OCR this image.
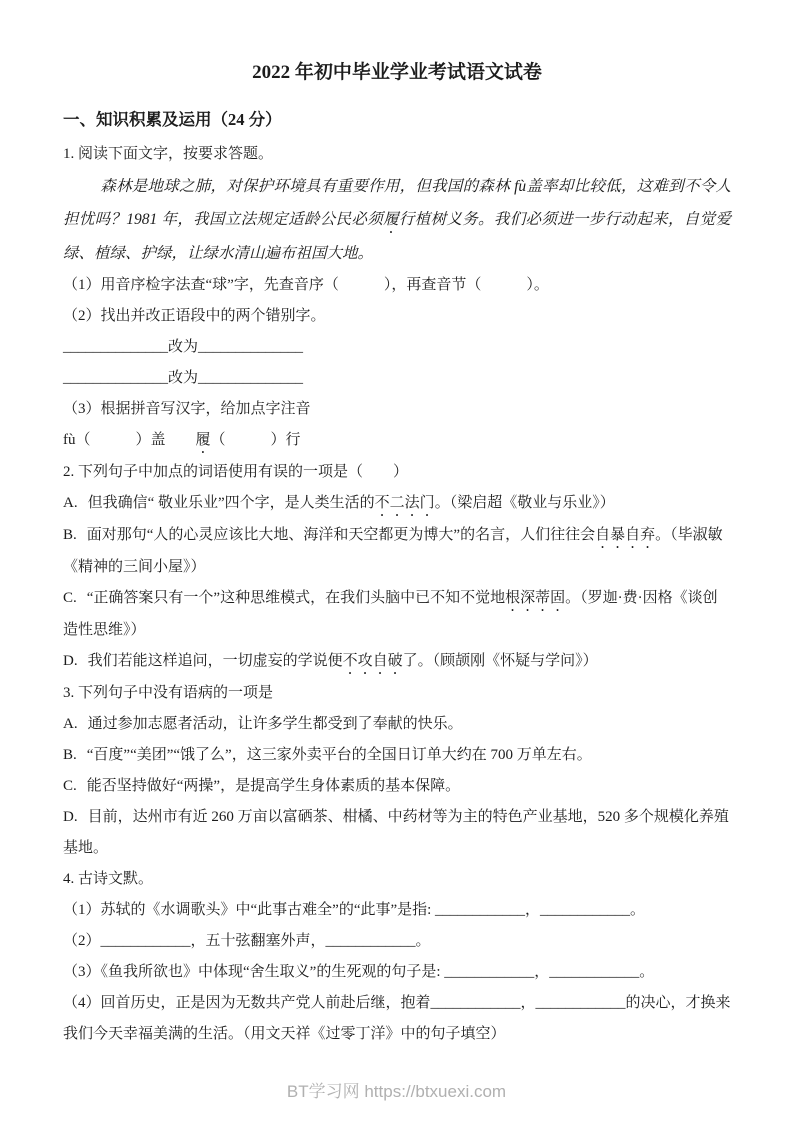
2022 年初中毕业学业考试语文试卷
一、知识积累及运用（24 分）
1. 阅读下面文字，按要求答题。

森林是地球之肺，对保护环境具有重要作用，但我国的森林 fù盖率却比较低，这难到不令人担忧吗？1981 年，我国立法规定适龄公民必须履行植树义务。我们必须进一步行动起来，自觉爱绿、植绿、护绿，让绿水清山遍布祖国大地。

（1）用音序检字法查“球”字，先查音序（　　　），再查音节（　　　）。
（2）找出并改正语段中的两个错别字。
______________改为______________
______________改为______________
（3）根据拼音写汉字，给加点字注音
fù（　　　）盖　　履（　　　）行
2. 下列句子中加点的词语使用有误的一项是（　　）
A. 但我确信“ 敬业乐业”四个字，是人类生活的不二法门。（梁启超《敬业与乐业》）
B. 面对那句“人的心灵应该比大地、海洋和天空都更为博大”的名言，人们往往会自暴自弃。（毕淑敏《精神的三间小屋》）
C. “正确答案只有一个”这种思维模式，在我们头脑中已不知不觉地根深蒂固。（罗迦·费·因格《谈创造性思维》）
D. 我们若能这样追问，一切虚妄的学说便不攻自破了。（顾颉刚《怀疑与学问》）
3. 下列句子中没有语病的一项是
A. 通过参加志愿者活动，让许多学生都受到了奉献的快乐。
B. “百度”“美团”“饿了么”，这三家外卖平台的全国日订单大约在 700 万单左右。
C. 能否坚持做好“两操”，是提高学生身体素质的基本保障。
D. 目前，达州市有近 260 万亩以富硒茶、柑橘、中药材等为主的特色产业基地，520 多个规模化养殖基地。
4. 古诗文默。
（1）苏轼的《水调歌头》中“此事古难全”的“此事”是指: ____________，____________。
（2）____________，五十弦翻塞外声，____________。
（3）《鱼我所欲也》中体现“舍生取义”的生死观的句子是: ____________，____________。
（4）回首历史，正是因为无数共产党人前赴后继，抱着____________，____________的决心，才换来我们今天幸福美满的生活。（用文天祥《过零丁洋》中的句子填空）
BT学习网 https://btxuexi.com
